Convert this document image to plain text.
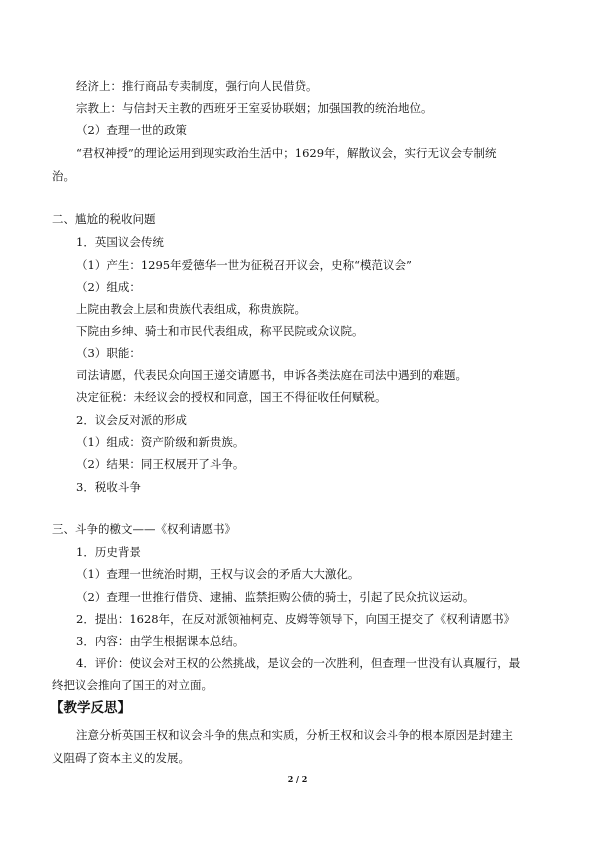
经济上：推行商品专卖制度，强行向人民借贷。
宗教上：与信封天主教的西班牙王室妥协联姻；加强国教的统治地位。
（2）查理一世的政策
“君权神授”的理论运用到现实政治生活中；1629年，解散议会，实行无议会专制统
治。
二、尴尬的税收问题
1．英国议会传统
（1）产生：1295年爱德华一世为征税召开议会，史称“模范议会”
（2）组成：
上院由教会上层和贵族代表组成，称贵族院。
下院由乡绅、骑士和市民代表组成，称平民院或众议院。
（3）职能：
司法请愿，代表民众向国王递交请愿书，申诉各类法庭在司法中遇到的难题。
决定征税：未经议会的授权和同意，国王不得征收任何赋税。
2．议会反对派的形成
（1）组成：资产阶级和新贵族。
（2）结果：同王权展开了斗争。
3．税收斗争
三、斗争的檄文——《权利请愿书》
1．历史背景
（1）查理一世统治时期，王权与议会的矛盾大大激化。
（2）查理一世推行借贷、逮捕、监禁拒购公债的骑士，引起了民众抗议运动。
2．提出：1628年，在反对派领袖柯克、皮姆等领导下，向国王提交了《权利请愿书》
3．内容：由学生根据课本总结。
4．评价：使议会对王权的公然挑战，是议会的一次胜利，但查理一世没有认真履行，最
终把议会推向了国王的对立面。
【教学反思】
注意分析英国王权和议会斗争的焦点和实质，分析王权和议会斗争的根本原因是封建主
义阻碍了资本主义的发展。
2 / 2
